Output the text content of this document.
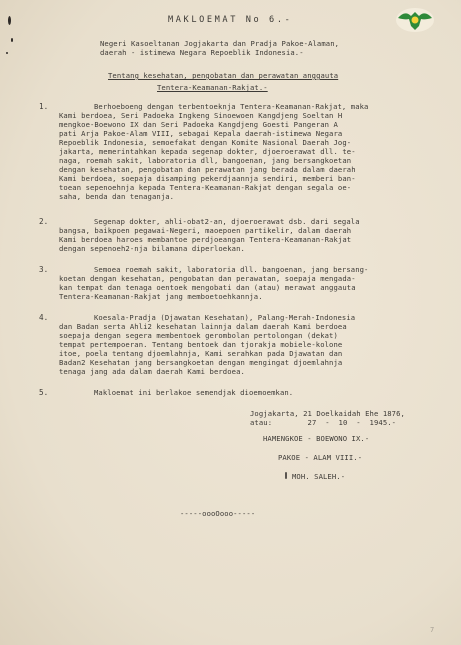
MAKLOEMAT No 6.-
Negeri Kasoeltanan Jogjakarta dan Pradja Pakoe-Alaman,
daerah - istimewa Negara Repoeblik Indonesia.-
Tentang kesehatan, pengobatan dan perawatan anggauta
Tentera-Keamanan-Rakjat.-
1.	Berhoeboeng dengan terbentoeknja Tentera-Keamanan-Rakjat, maka
Kami berdoea, Seri Padoeka Ingkeng Sinoewoen Kangdjeng Soeltan H
mengkoe-Boewono IX dan Seri Padoeka Kangdjeng Goesti Pangeran A
pati Arja Pakoe-Alam VIII, sebagai Kepala daerah-istimewa Negara
Repoeblik Indonesia, semoefakat dengan Komite Nasional Daerah Jog-
jakarta, memerintahkan kepada segenap dokter, djoeroerawat dll. te-
naga, roemah sakit, laboratoria dll, bangoenan, jang bersangkoetan
dengan kesehatan, pengobatan dan perawatan jang berada dalam daerah
Kami berdoea, soepaja disamping pekerdjaannja sendiri, memberi ban-
toean sepenoehnja kepada Tentera-Keamanan-Rakjat dengan segala oe-
saha, benda dan tenaganja.
2.	Segenap dokter, ahli-obat2-an, djoeroerawat dsb. dari segala
bangsa, baikpoen pegawai-Negeri, maoepoen partikelir, dalam daerah
Kami berdoea haroes membantoe perdjoeangan Tentera-Keamanan-Rakjat
dengan sepenoeh2-nja bilamana diperloekan.
3.	Semoea roemah sakit, laboratoria dll. bangoenan, jang bersang-
koetan dengan kesehatan, pengobatan dan perawatan, soepaja mengada-
kan tempat dan tenaga oentoek mengobati dan (atau) merawat anggauta
Tentera-Keamanan-Rakjat jang memboetoehkannja.
4.	Koesala-Pradja (Djawatan Kesehatan), Palang-Merah-Indonesia
dan Badan serta Ahli2 kesehatan lainnja dalam daerah Kami berdoea
soepaja dengan segera membentoek gerombolan pertolongan (dekat)
tempat pertempoeran. Tentang bentoek dan tjorakja mobiele-kolone
itoe, poela tentang djoemlahnja, Kami serahkan pada Djawatan dan
Badan2 Kesehatan jang bersangkoetan dengan mengingat djoemlahnja
tenaga jang ada dalam daerah Kami berdoea.
5.	Makloemat ini berlakoe semendjak dioemoemkan.
Jogjakarta, 21 Doelkaidah Ehe 1876,
atau:        27  -  10  -  1945.-
HAMENGKOE - BOEWONO IX.-
PAKOE - ALAM VIII.-
MOH. SALEH.-
-----oooOooo-----
7
